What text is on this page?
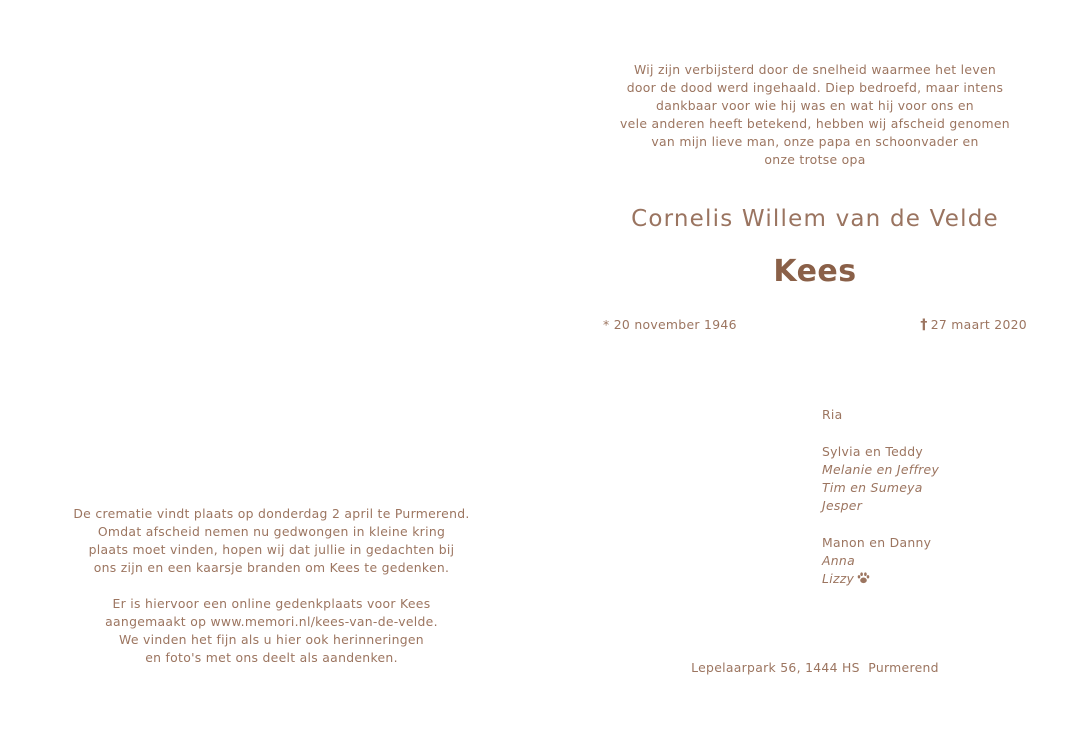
De crematie vindt plaats op donderdag 2 april te Purmerend.
Omdat afscheid nemen nu gedwongen in kleine kring
plaats moet vinden, hopen wij dat jullie in gedachten bij
ons zijn en een kaarsje branden om Kees te gedenken.
Er is hiervoor een online gedenkplaats voor Kees
aangemaakt op www.memori.nl/kees-van-de-velde.
We vinden het fijn als u hier ook herinneringen
en foto's met ons deelt als aandenken.
Wij zijn verbijsterd door de snelheid waarmee het leven
door de dood werd ingehaald. Diep bedroefd, maar intens
dankbaar voor wie hij was en wat hij voor ons en
vele anderen heeft betekend, hebben wij afscheid genomen
van mijn lieve man, onze papa en schoonvader en
onze trotse opa
Cornelis Willem van de Velde
Kees
* 20 november 1946	† 27 maart 2020
Ria
Sylvia en Teddy
Melanie en Jeffrey
Tim en Sumeya
Jesper
Manon en Danny
Anna
Lizzy
Lepelaarpark 56, 1444 HS  Purmerend
